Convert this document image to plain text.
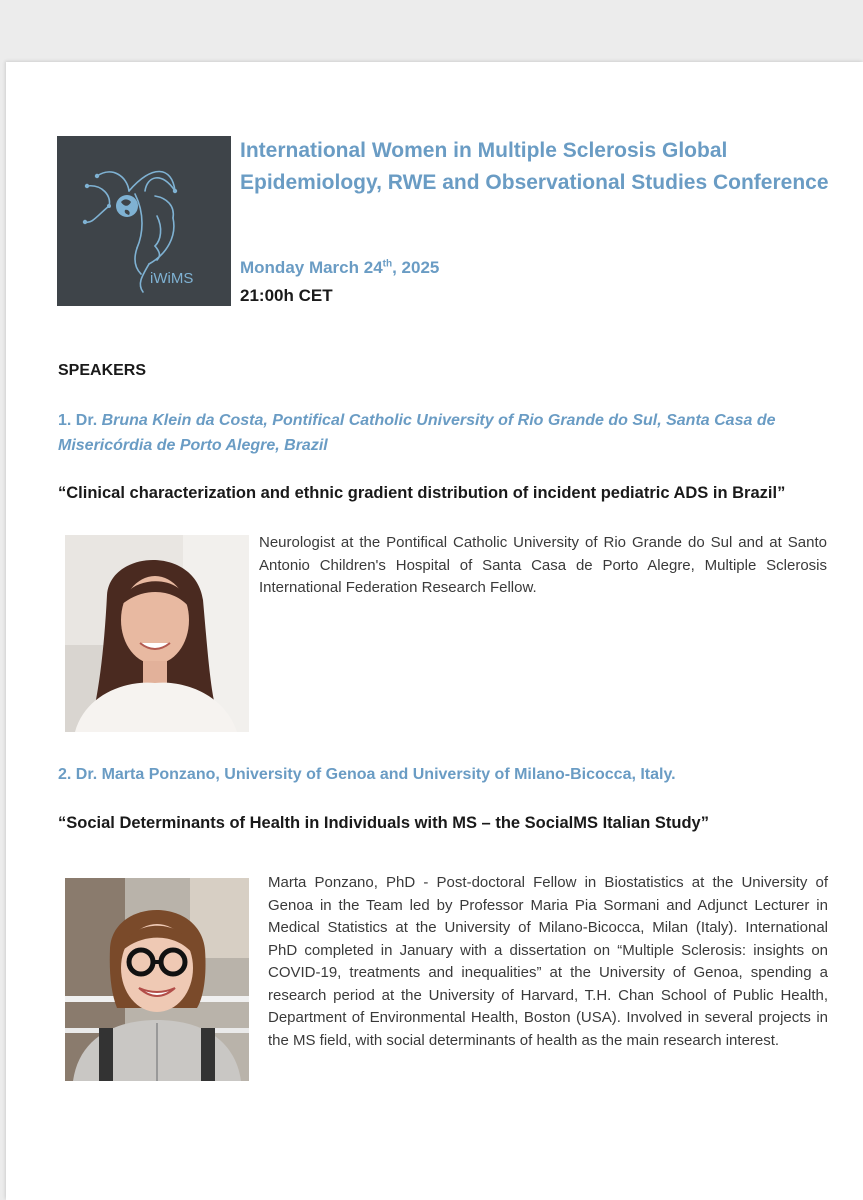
iWiMS
International Women in Multiple Sclerosis Global Epidemiology, RWE and Observational Studies Conference
Monday March 24th, 2025
21:00h CET
SPEAKERS
1. Dr. Bruna Klein da Costa, Pontifical Catholic University of Rio Grande do Sul, Santa Casa de Misericórdia de Porto Alegre, Brazil
“Clinical characterization and ethnic gradient distribution of incident pediatric ADS in Brazil”
Neurologist at the Pontifical Catholic University of Rio Grande do Sul and at Santo Antonio Children's Hospital of Santa Casa de Porto Alegre, Multiple Sclerosis International Federation Research Fellow.
2. Dr. Marta Ponzano, University of Genoa and University of Milano-Bicocca, Italy.
“Social Determinants of Health in Individuals with MS – the SocialMS Italian Study”
Marta Ponzano, PhD - Post-doctoral Fellow in Biostatistics at the University of Genoa in the Team led by Professor Maria Pia Sormani and Adjunct Lecturer in Medical Statistics at the University of Milano-Bicocca, Milan (Italy). International PhD completed in January with a dissertation on “Multiple Sclerosis: insights on COVID-19, treatments and inequalities” at the University of Genoa, spending a research period at the University of Harvard, T.H. Chan School of Public Health, Department of Environmental Health, Boston (USA). Involved in several projects in the MS field, with social determinants of health as the main research interest.
